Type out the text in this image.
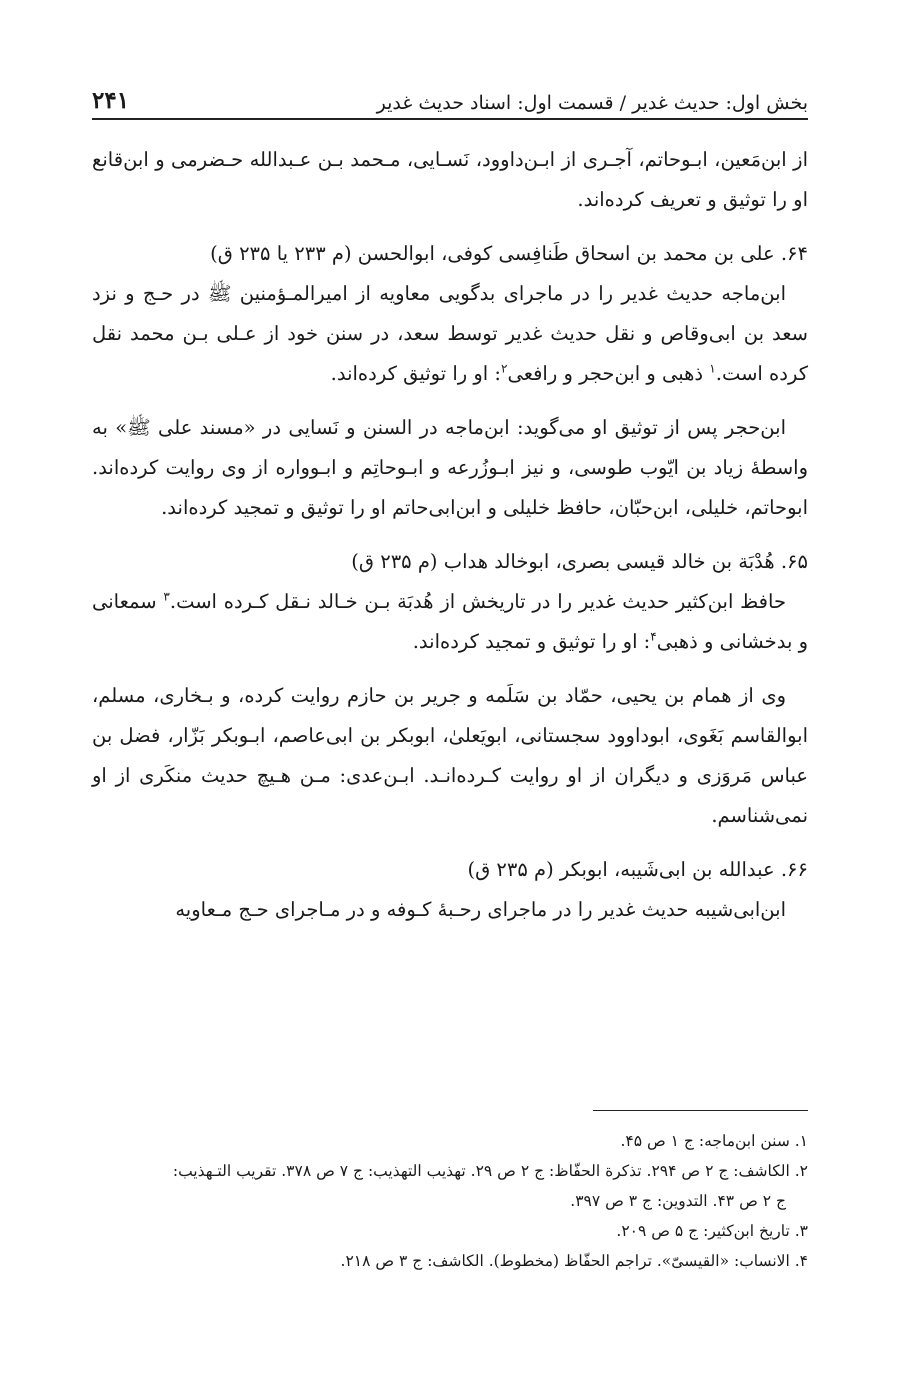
بخش اول: حدیث غدیر / قسمت اول: اسناد حدیث غدیر
۲۴۱

از ابن‌مَعین، ابـوحاتم، آجـری از ابـن‌داوود، نَسـایی، مـحمد بـن عـبدالله حـضرمی و ابن‌قانع او را توثیق و تعریف کرده‌اند.

۶۴. علی بن محمد بن اسحاق طَنافِسی کوفی، ابوالحسن (م ۲۳۳ یا ۲۳۵ ق)

ابن‌ماجه حدیث غدیر را در ماجرای بدگویی معاویه از امیرالمـؤمنین ﷺ در حـج و نزد سعد بن ابی‌وقاص و نقل حدیث غدیر توسط سعد، در سنن خود از عـلی بـن محمد نقل کرده است.$^۱$ ذهبی و ابن‌حجر و رافعی$^۲$: او را توثیق کرده‌اند.

ابن‌حجر پس از توثیق او می‌گوید: ابن‌ماجه در السنن و نَسایی در «مسند علی ﷺ» به واسطهٔ زیاد بن ایّوب طوسی، و نیز ابـوزُرعه و ابـوحاتِم و ابـوواره از وی روایت کرده‌اند. ابوحاتم، خلیلی، ابن‌حبّان، حافظ خلیلی و ابن‌ابی‌حاتم او را توثیق و تمجید کرده‌اند.

۶۵. هُدْبَة بن خالد قیسی بصری، ابوخالد هداب (م ۲۳۵ ق)

حافظ ابن‌کثیر حدیث غدیر را در تاریخش از هُدبَة بـن خـالد نـقل کـرده است.$^۳$ سمعانی و بدخشانی و ذهبی$^۴$: او را توثیق و تمجید کرده‌اند.

وی از همام بن یحیی، حمّاد بن سَلَمه و جریر بن حازم روایت کرده، و بـخاری، مسلم، ابوالقاسم بَغَوی، ابوداوود سجستانی، ابویَعلیٰ، ابوبکر بن ابی‌عاصم، ابـوبکر بَزّار، فضل بن عباس مَروَزی و دیگران از او روایت کـرده‌انـد. ابـن‌عدی: مـن هـیچ حدیث منکَری از او نمی‌شناسم.

۶۶. عبدالله بن ابی‌شَیبه، ابوبکر (م ۲۳۵ ق)

ابن‌ابی‌شیبه حدیث غدیر را در ماجرای رحـبهٔ کـوفه و در مـاجرای حـج مـعاویه

۱. سنن ابن‌ماجه: ج ۱ ص ۴۵.
۲. الکاشف: ج ۲ ص ۲۹۴. تذکرة الحفّاظ: ج ۲ ص ۲۹. تهذیب التهذیب: ج ۷ ص ۳۷۸. تقریب التـهذیب:
ج ۲ ص ۴۳. التدوین: ج ۳ ص ۳۹۷.
۳. تاریخ ابن‌کثیر: ج ۵ ص ۲۰۹.
۴. الانساب: «القیسیّ». تراجم الحفّاظ (مخطوط). الکاشف: ج ۳ ص ۲۱۸.
